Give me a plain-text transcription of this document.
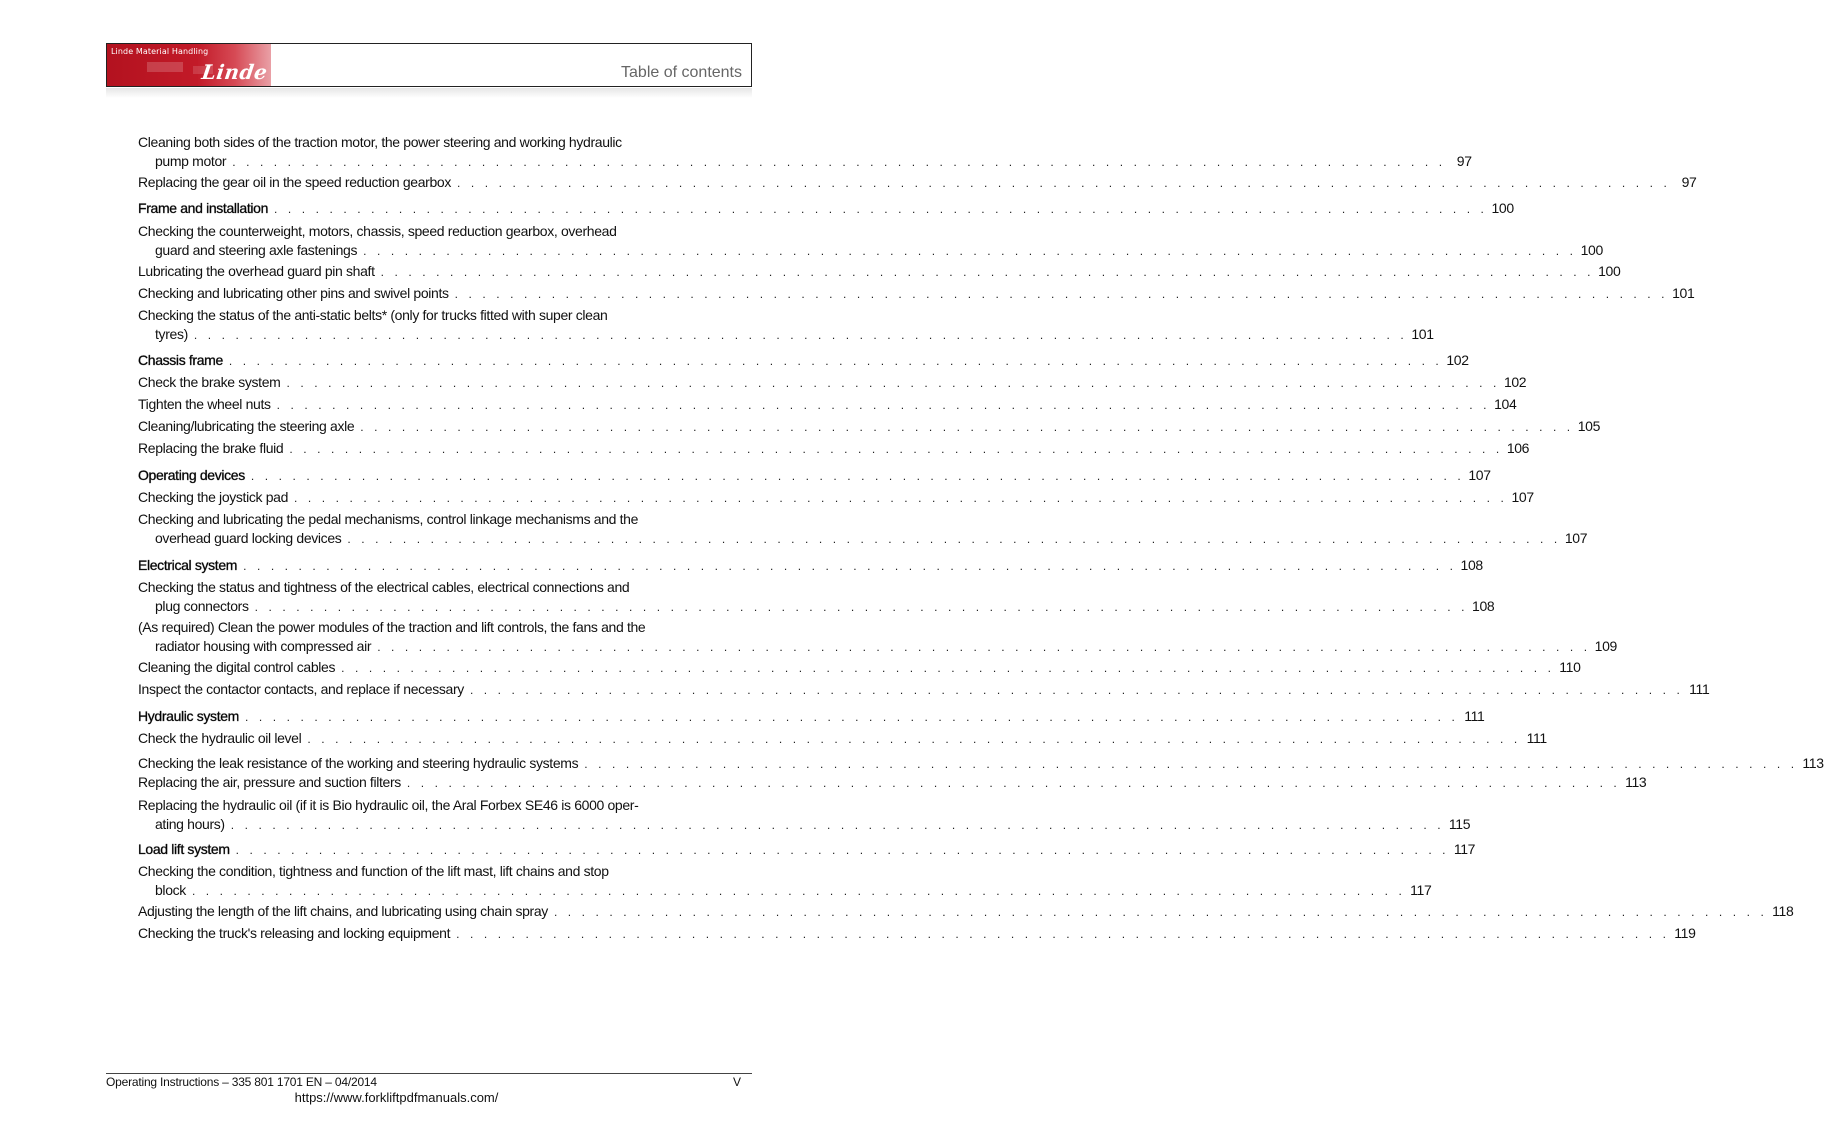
Linde Material Handling
Linde	Table of contents
Cleaning both sides of the traction motor, the power steering and working hydraulic
pump motor . . . . . . . . . . . . . . . . . . . . . . . . . . . . . . . . . . . . . . . . . . . . . . . . . . . . . . . . . . . . . . . . . . . . . . . . . . . . . . . . . . . . . . . . 97
Replacing the gear oil in the speed reduction gearbox . . . . . . . . . . . . . . . . . . . . . . . . . . . . . . . . . . . . . . . . . . . . . . . . . . . . . . . . . . . . . . . . . . . . . . . . . . . . . . . . . . . . . . . . 97
Frame and installation . . . . . . . . . . . . . . . . . . . . . . . . . . . . . . . . . . . . . . . . . . . . . . . . . . . . . . . . . . . . . . . . . . . . . . . . . . . . . . . . . . . . . . . . 100
Checking the counterweight, motors, chassis, speed reduction gearbox, overhead
guard and steering axle fastenings . . . . . . . . . . . . . . . . . . . . . . . . . . . . . . . . . . . . . . . . . . . . . . . . . . . . . . . . . . . . . . . . . . . . . . . . . . . . . . . . . . . . . . . . 100
Lubricating the overhead guard pin shaft . . . . . . . . . . . . . . . . . . . . . . . . . . . . . . . . . . . . . . . . . . . . . . . . . . . . . . . . . . . . . . . . . . . . . . . . . . . . . . . . . . . . . . . . 100
Checking and lubricating other pins and swivel points . . . . . . . . . . . . . . . . . . . . . . . . . . . . . . . . . . . . . . . . . . . . . . . . . . . . . . . . . . . . . . . . . . . . . . . . . . . . . . . . . . . . . . . . 101
Checking the status of the anti-static belts* (only for trucks fitted with super clean
tyres) . . . . . . . . . . . . . . . . . . . . . . . . . . . . . . . . . . . . . . . . . . . . . . . . . . . . . . . . . . . . . . . . . . . . . . . . . . . . . . . . . . . . . . . . 101
Chassis frame . . . . . . . . . . . . . . . . . . . . . . . . . . . . . . . . . . . . . . . . . . . . . . . . . . . . . . . . . . . . . . . . . . . . . . . . . . . . . . . . . . . . . . . . 102
Check the brake system . . . . . . . . . . . . . . . . . . . . . . . . . . . . . . . . . . . . . . . . . . . . . . . . . . . . . . . . . . . . . . . . . . . . . . . . . . . . . . . . . . . . . . . . 102
Tighten the wheel nuts . . . . . . . . . . . . . . . . . . . . . . . . . . . . . . . . . . . . . . . . . . . . . . . . . . . . . . . . . . . . . . . . . . . . . . . . . . . . . . . . . . . . . . . . 104
Cleaning/lubricating the steering axle . . . . . . . . . . . . . . . . . . . . . . . . . . . . . . . . . . . . . . . . . . . . . . . . . . . . . . . . . . . . . . . . . . . . . . . . . . . . . . . . . . . . . . . . 105
Replacing the brake fluid . . . . . . . . . . . . . . . . . . . . . . . . . . . . . . . . . . . . . . . . . . . . . . . . . . . . . . . . . . . . . . . . . . . . . . . . . . . . . . . . . . . . . . . . 106
Operating devices . . . . . . . . . . . . . . . . . . . . . . . . . . . . . . . . . . . . . . . . . . . . . . . . . . . . . . . . . . . . . . . . . . . . . . . . . . . . . . . . . . . . . . . . 107
Checking the joystick pad . . . . . . . . . . . . . . . . . . . . . . . . . . . . . . . . . . . . . . . . . . . . . . . . . . . . . . . . . . . . . . . . . . . . . . . . . . . . . . . . . . . . . . . . 107
Checking and lubricating the pedal mechanisms, control linkage mechanisms and the
overhead guard locking devices . . . . . . . . . . . . . . . . . . . . . . . . . . . . . . . . . . . . . . . . . . . . . . . . . . . . . . . . . . . . . . . . . . . . . . . . . . . . . . . . . . . . . . . . 107
Electrical system . . . . . . . . . . . . . . . . . . . . . . . . . . . . . . . . . . . . . . . . . . . . . . . . . . . . . . . . . . . . . . . . . . . . . . . . . . . . . . . . . . . . . . . . 108
Checking the status and tightness of the electrical cables, electrical connections and
plug connectors . . . . . . . . . . . . . . . . . . . . . . . . . . . . . . . . . . . . . . . . . . . . . . . . . . . . . . . . . . . . . . . . . . . . . . . . . . . . . . . . . . . . . . . . 108
(As required) Clean the power modules of the traction and lift controls, the fans and the
radiator housing with compressed air . . . . . . . . . . . . . . . . . . . . . . . . . . . . . . . . . . . . . . . . . . . . . . . . . . . . . . . . . . . . . . . . . . . . . . . . . . . . . . . . . . . . . . . . 109
Cleaning the digital control cables . . . . . . . . . . . . . . . . . . . . . . . . . . . . . . . . . . . . . . . . . . . . . . . . . . . . . . . . . . . . . . . . . . . . . . . . . . . . . . . . . . . . . . . . 110
Inspect the contactor contacts, and replace if necessary . . . . . . . . . . . . . . . . . . . . . . . . . . . . . . . . . . . . . . . . . . . . . . . . . . . . . . . . . . . . . . . . . . . . . . . . . . . . . . . . . . . . . . . . 111
Hydraulic system . . . . . . . . . . . . . . . . . . . . . . . . . . . . . . . . . . . . . . . . . . . . . . . . . . . . . . . . . . . . . . . . . . . . . . . . . . . . . . . . . . . . . . . . 111
Check the hydraulic oil level . . . . . . . . . . . . . . . . . . . . . . . . . . . . . . . . . . . . . . . . . . . . . . . . . . . . . . . . . . . . . . . . . . . . . . . . . . . . . . . . . . . . . . . . 111
Checking the leak resistance of the working and steering hydraulic systems . . . . . . . . . . . . . . . . . . . . . . . . . . . . . . . . . . . . . . . . . . . . . . . . . . . . . . . . . . . . . . . . . . . . . . . . . . . . . . . . . . . . . . . . 113
Replacing the air, pressure and suction filters . . . . . . . . . . . . . . . . . . . . . . . . . . . . . . . . . . . . . . . . . . . . . . . . . . . . . . . . . . . . . . . . . . . . . . . . . . . . . . . . . . . . . . . . 113
Replacing the hydraulic oil (if it is Bio hydraulic oil, the Aral Forbex SE46 is 6000 oper-
ating hours) . . . . . . . . . . . . . . . . . . . . . . . . . . . . . . . . . . . . . . . . . . . . . . . . . . . . . . . . . . . . . . . . . . . . . . . . . . . . . . . . . . . . . . . . 115
Load lift system . . . . . . . . . . . . . . . . . . . . . . . . . . . . . . . . . . . . . . . . . . . . . . . . . . . . . . . . . . . . . . . . . . . . . . . . . . . . . . . . . . . . . . . . 117
Checking the condition, tightness and function of the lift mast, lift chains and stop
block . . . . . . . . . . . . . . . . . . . . . . . . . . . . . . . . . . . . . . . . . . . . . . . . . . . . . . . . . . . . . . . . . . . . . . . . . . . . . . . . . . . . . . . . 117
Adjusting the length of the lift chains, and lubricating using chain spray . . . . . . . . . . . . . . . . . . . . . . . . . . . . . . . . . . . . . . . . . . . . . . . . . . . . . . . . . . . . . . . . . . . . . . . . . . . . . . . . . . . . . . . . 118
Checking the truck's releasing and locking equipment . . . . . . . . . . . . . . . . . . . . . . . . . . . . . . . . . . . . . . . . . . . . . . . . . . . . . . . . . . . . . . . . . . . . . . . . . . . . . . . . . . . . . . . . 119
Operating Instructions – 335 801 1701 EN – 04/2014	V
https://www.forkliftpdfmanuals.com/
